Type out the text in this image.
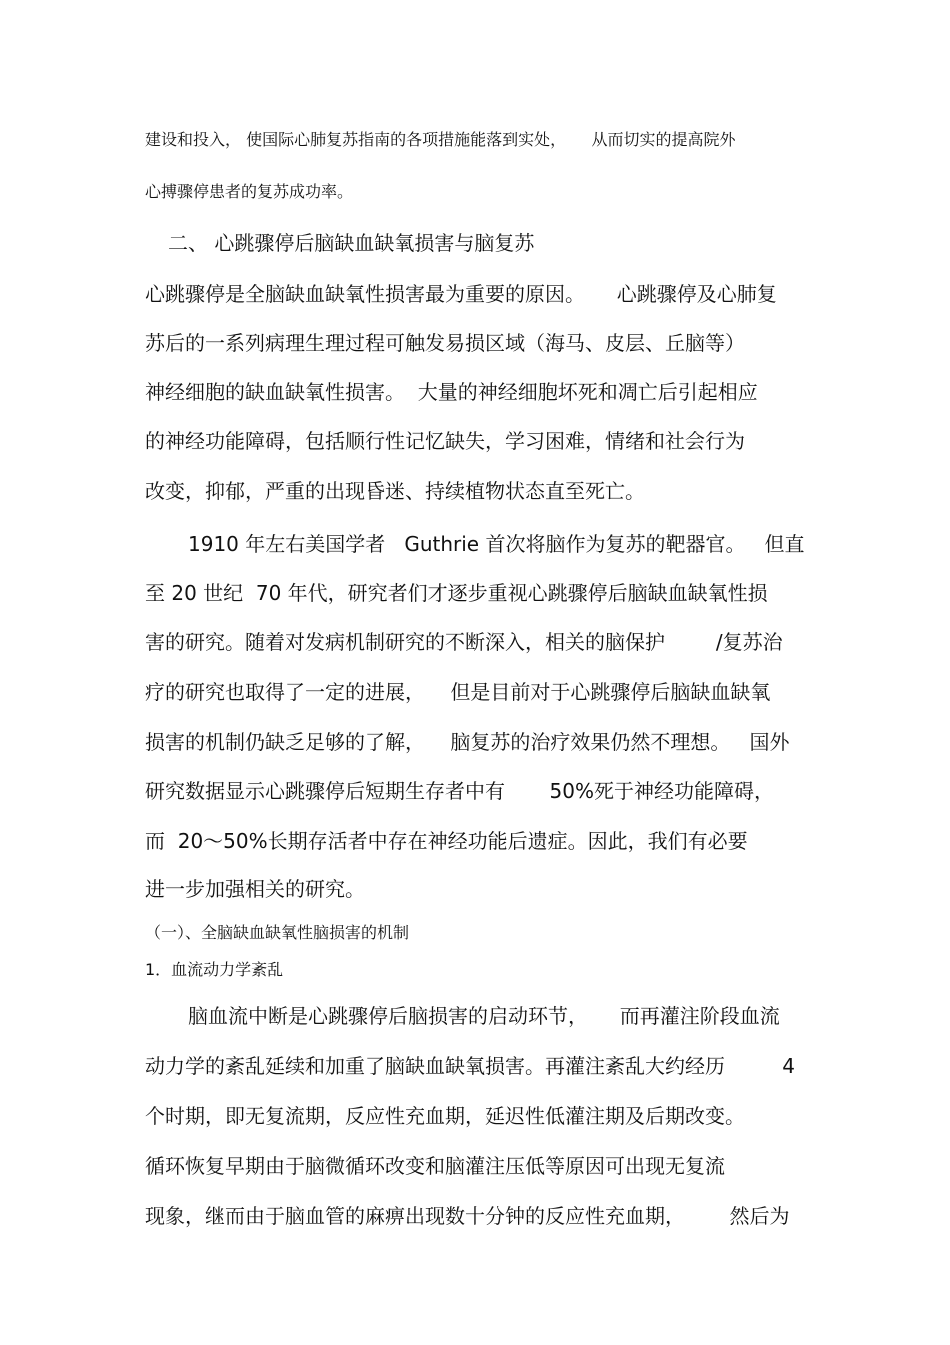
建设和投入， 使国际心肺复苏指南的各项措施能落到实处，     从而切实的提高院外
心搏骤停患者的复苏成功率。
二、 心跳骤停后脑缺血缺氧损害与脑复苏
心跳骤停是全脑缺血缺氧性损害最为重要的原因。     心跳骤停及心肺复
苏后的一系列病理生理过程可触发易损区域（海马、皮层、丘脑等）
神经细胞的缺血缺氧性损害。  大量的神经细胞坏死和凋亡后引起相应
的神经功能障碍，包括顺行性记忆缺失，学习困难，情绪和社会行为
改变，抑郁，严重的出现昏迷、持续植物状态直至死亡。
1910 年左右美国学者   Guthrie 首次将脑作为复苏的靶器官。   但直
至 20 世纪  70 年代，研究者们才逐步重视心跳骤停后脑缺血缺氧性损
害的研究。随着对发病机制研究的不断深入，相关的脑保护        /复苏治
疗的研究也取得了一定的进展，    但是目前对于心跳骤停后脑缺血缺氧
损害的机制仍缺乏足够的了解，    脑复苏的治疗效果仍然不理想。   国外
研究数据显示心跳骤停后短期生存者中有       50%死于神经功能障碍，
而  20～50%长期存活者中存在神经功能后遗症。因此，我们有必要
进一步加强相关的研究。
（一）、全脑缺血缺氧性脑损害的机制
1．血流动力学紊乱
脑血流中断是心跳骤停后脑损害的启动环节，     而再灌注阶段血流
动力学的紊乱延续和加重了脑缺血缺氧损害。再灌注紊乱大约经历         4
个时期，即无复流期，反应性充血期，延迟性低灌注期及后期改变。
循环恢复早期由于脑微循环改变和脑灌注压低等原因可出现无复流
现象，继而由于脑血管的麻痹出现数十分钟的反应性充血期，       然后为
